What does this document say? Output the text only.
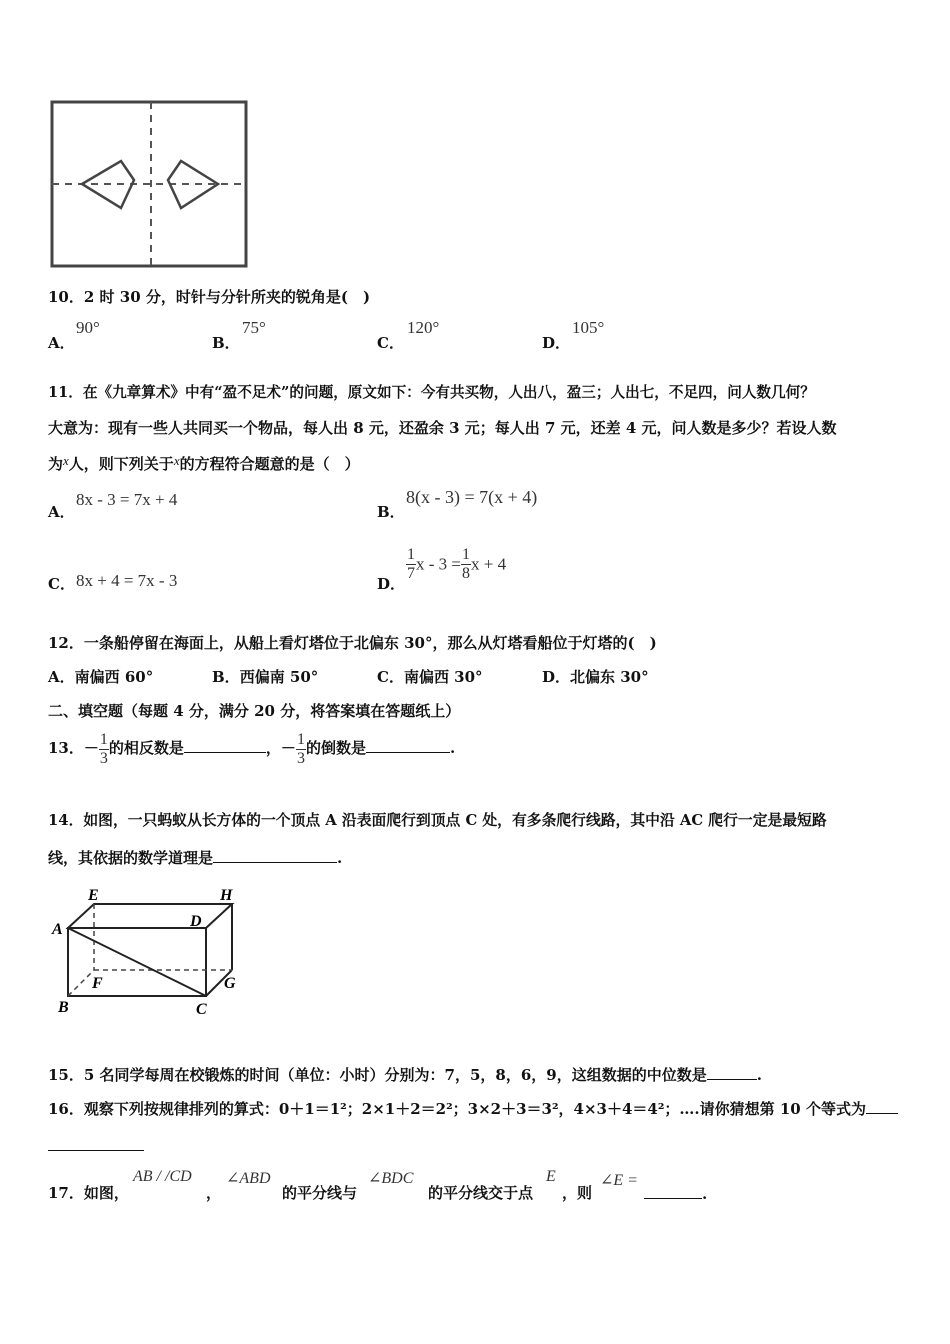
10．2 时 30 分，时针与分针所夹的锐角是(　)
A．
90°
B．
75°
C．
120°
D．
105°
11．在《九章算术》中有“盈不足术”的问题，原文如下：今有共买物，人出八，盈三；人出七，不足四，问人数几何？
大意为：现有一些人共同买一个物品，每人出 8 元，还盈余 3 元；每人出 7 元，还差 4 元，问人数是多少？若设人数
为x人，则下列关于x的方程符合题意的是（　）
A．
8x - 3 = 7x + 4
B．
8(x - 3) = 7(x + 4)
C． 8x + 4 = 7x - 3	D．
$\frac{1}{7}$ $x - 3 = \frac{1}{8}$ x + 4
12．一条船停留在海面上，从船上看灯塔位于北偏东 30°，那么从灯塔看船位于灯塔的(　)
A．南偏西 60°	B．西偏南 50°	C．南偏西 30°	D．北偏东 30°
二、填空题（每题 4 分，满分 20 分，将答案填在答题纸上）
13．－ $\frac{1}{3}$ 的相反数是	，－ $\frac{1}{3}$ 的倒数是	.
14．如图，一只蚂蚁从长方体的一个顶点 A 沿表面爬行到顶点 C 处，有多条爬行线路，其中沿 AC 爬行一定是最短路
线，其依据的数学道理是	.
A
E	H
D
F	G
B	C
15．5 名同学每周在校锻炼的时间（单位：小时）分别为：7，5，8，6，9，这组数据的中位数是	.
16．观察下列按规律排列的算式：0＋1＝1²；2×1＋2＝2²；3×2＋3＝3²，4×3＋4＝4²；….请你猜想第 10 个等式为
17．如图，
AB / /CD
，
∠ABD
的平分线与
∠BDC
的平分线交于点
E
，则
∠E =
.
